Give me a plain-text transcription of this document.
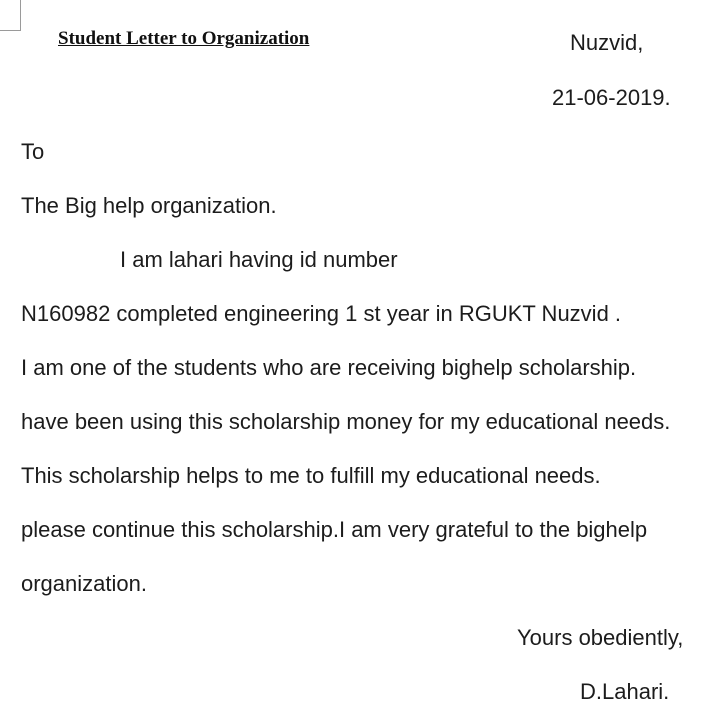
Student Letter to Organization	Nuzvid,
21-06-2019.
To
The Big help organization.
I am lahari having id number
N160982 completed engineering 1 st year in RGUKT Nuzvid .
I am one of the students who are receiving bighelp scholarship.
have been using this scholarship money for my educational needs.
This scholarship helps to me to fulfill my educational needs.
please continue this scholarship.I am very grateful to the bighelp
organization.
Yours obediently,
D.Lahari.
